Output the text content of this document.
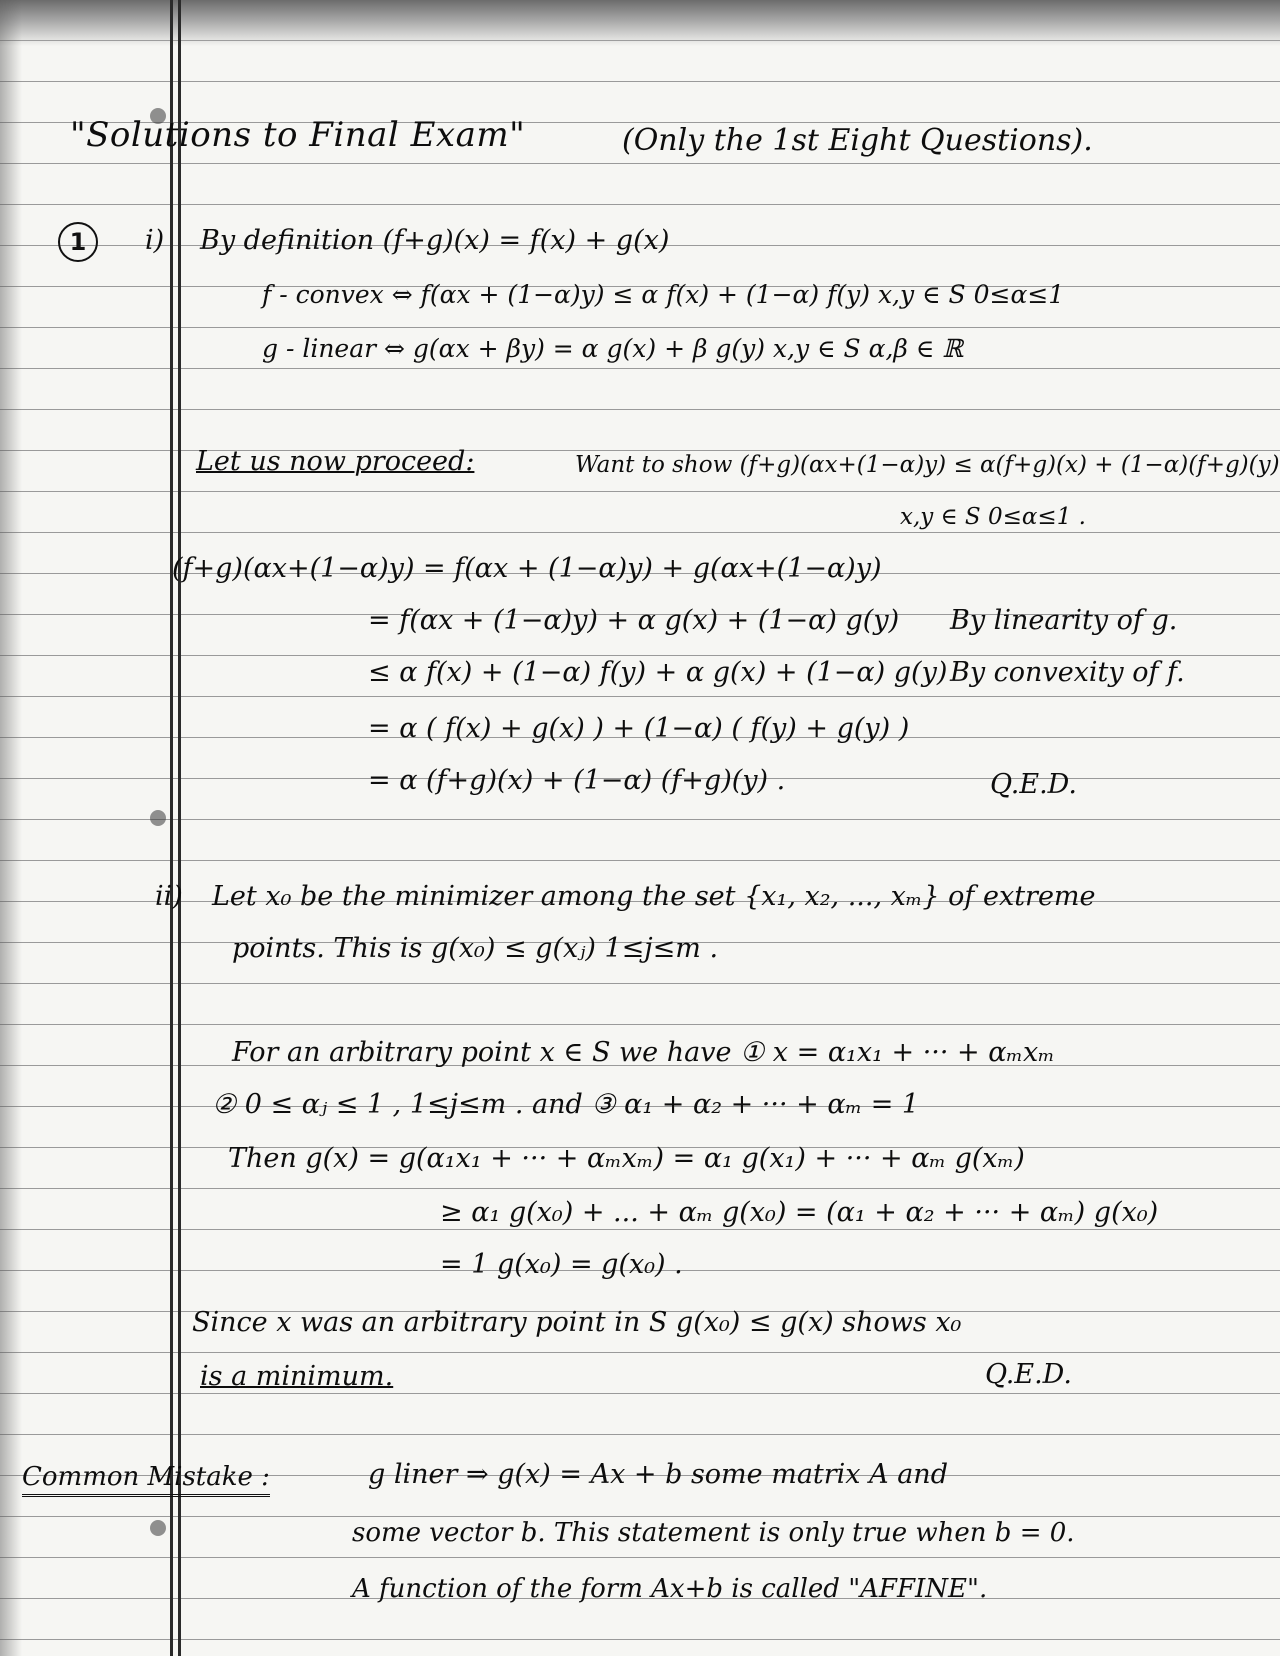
"Solutions to Final Exam"	(Only the 1st Eight Questions).
1	i) By definition (f+g)(x) = f(x) + g(x)
f - convex ⇔ f(αx + (1−α)y) ≤ α f(x) + (1−α) f(y) x,y ∈ S 0≤α≤1
g - linear ⇔ g(αx + βy) = α g(x) + β g(y) x,y ∈ S α,β ∈ ℝ
Let us now proceed:	Want to show (f+g)(αx+(1−α)y) ≤ α(f+g)(x) + (1−α)(f+g)(y)
x,y ∈ S 0≤α≤1 .
(f+g)(αx+(1−α)y) = f(αx + (1−α)y) + g(αx+(1−α)y)
= f(αx + (1−α)y) + α g(x) + (1−α) g(y) By linearity of g.
≤ α f(x) + (1−α) f(y) + α g(x) + (1−α) g(y) By convexity of f.
= α ( f(x) + g(x) ) + (1−α) ( f(y) + g(y) )
= α (f+g)(x) + (1−α) (f+g)(y) .	Q.E.D.
ii) Let x₀ be the minimizer among the set {x₁, x₂, ..., xₘ} of extreme
points. This is g(x₀) ≤ g(xⱼ) 1≤j≤m .
For an arbitrary point x ∈ S we have ① x = α₁x₁ + ··· + αₘxₘ
② 0 ≤ αⱼ ≤ 1 , 1≤j≤m . and ③ α₁ + α₂ + ··· + αₘ = 1
Then g(x) = g(α₁x₁ + ··· + αₘxₘ) = α₁ g(x₁) + ··· + αₘ g(xₘ)
≥ α₁ g(x₀) + ... + αₘ g(x₀) = (α₁ + α₂ + ··· + αₘ) g(x₀)
= 1 g(x₀) = g(x₀) .
Since x was an arbitrary point in S g(x₀) ≤ g(x) shows x₀
is a minimum.	Q.E.D.
Common Mistake :	g liner ⇒ g(x) = Ax + b some matrix A and
some vector b. This statement is only true when b = 0.
A function of the form Ax+b is called "AFFINE".
